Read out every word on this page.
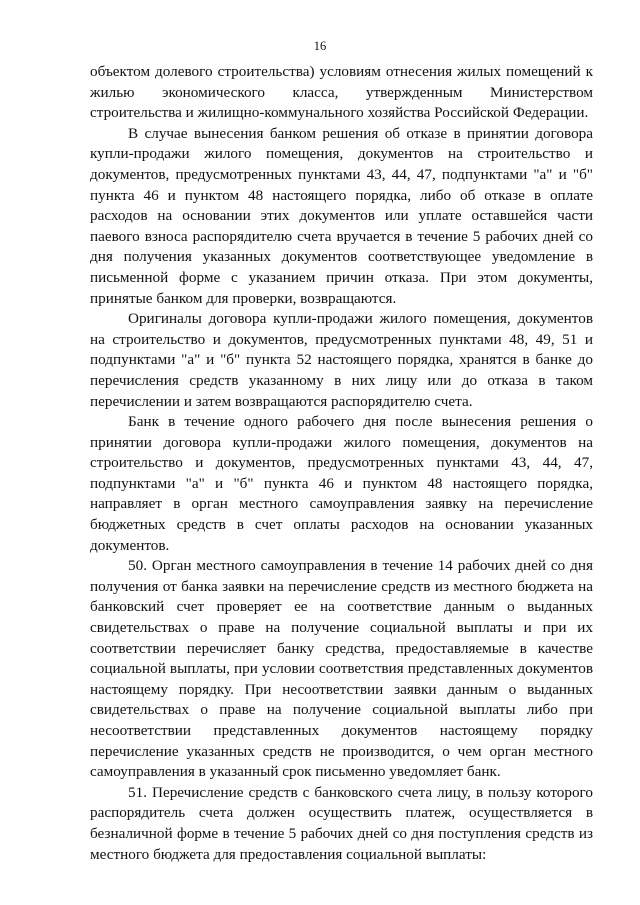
16

объектом долевого строительства) условиям отнесения жилых помещений к жилью экономического класса, утвержденным Министерством строительства и жилищно-коммунального хозяйства Российской Федерации.

В случае вынесения банком решения об отказе в принятии договора купли-продажи жилого помещения, документов на строительство и документов, предусмотренных пунктами 43, 44, 47, подпунктами "а" и "б" пункта 46 и пунктом 48 настоящего порядка, либо об отказе в оплате расходов на основании этих документов или уплате оставшейся части паевого взноса распорядителю счета вручается в течение 5 рабочих дней со дня получения указанных документов соответствующее уведомление в письменной форме с указанием причин отказа. При этом документы, принятые банком для проверки, возвращаются.

Оригиналы договора купли-продажи жилого помещения, документов на строительство и документов, предусмотренных пунктами 48, 49, 51 и подпунктами "а" и "б" пункта 52 настоящего порядка, хранятся в банке до перечисления средств указанному в них лицу или до отказа в таком перечислении и затем возвращаются распорядителю счета.

Банк в течение одного рабочего дня после вынесения решения о принятии договора купли-продажи жилого помещения, документов на строительство и документов, предусмотренных пунктами 43, 44, 47, подпунктами "а" и "б" пункта 46 и пунктом 48 настоящего порядка, направляет в орган местного самоуправления заявку на перечисление бюджетных средств в счет оплаты расходов на основании указанных документов.

50. Орган местного самоуправления в течение 14 рабочих дней со дня получения от банка заявки на перечисление средств из местного бюджета на банковский счет проверяет ее на соответствие данным о выданных свидетельствах о праве на получение социальной выплаты и при их соответствии перечисляет банку средства, предоставляемые в качестве социальной выплаты, при условии соответствия представленных документов настоящему порядку. При несоответствии заявки данным о выданных свидетельствах о праве на получение социальной выплаты либо при несоответствии представленных документов настоящему порядку перечисление указанных средств не производится, о чем орган местного самоуправления в указанный срок письменно уведомляет банк.

51. Перечисление средств с банковского счета лицу, в пользу которого распорядитель счета должен осуществить платеж, осуществляется в безналичной форме в течение 5 рабочих дней со дня поступления средств из местного бюджета для предоставления социальной выплаты:
